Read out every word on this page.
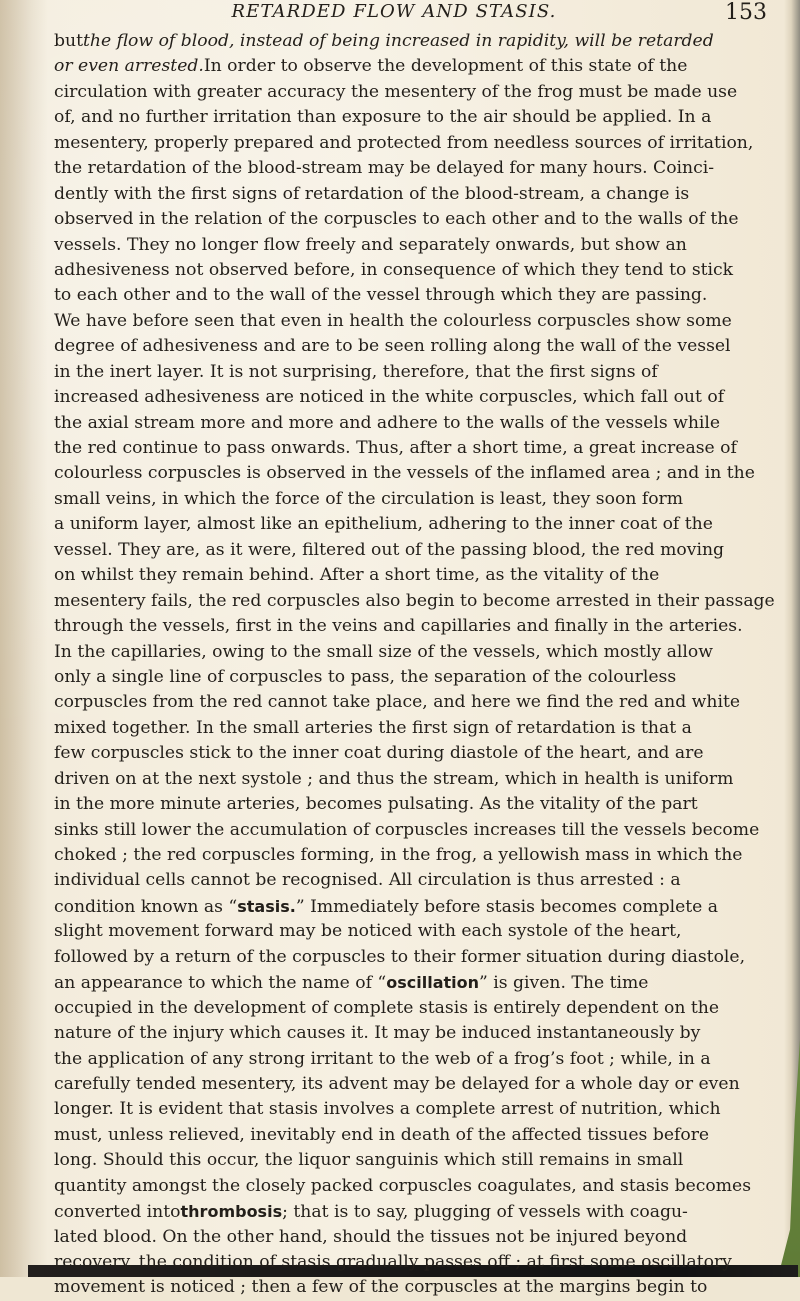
RETARDED FLOW AND STASIS.	153
butthe flow of blood, instead of being increased in rapidity, will be retarded
or even arrested.In order to observe the development of this state of the
circulation with greater accuracy the mesentery of the frog must be made use
of, and no further irritation than exposure to the air should be applied. In a
mesentery, properly prepared and protected from needless sources of irritation,
the retardation of the blood-stream may be delayed for many hours. Coinci-
dently with the first signs of retardation of the blood-stream, a change is
observed in the relation of the corpuscles to each other and to the walls of the
vessels. They no longer flow freely and separately onwards, but show an
adhesiveness not observed before, in consequence of which they tend to stick
to each other and to the wall of the vessel through which they are passing.
We have before seen that even in health the colourless corpuscles show some
degree of adhesiveness and are to be seen rolling along the wall of the vessel
in the inert layer. It is not surprising, therefore, that the first signs of
increased adhesiveness are noticed in the white corpuscles, which fall out of
the axial stream more and more and adhere to the walls of the vessels while
the red continue to pass onwards. Thus, after a short time, a great increase of
colourless corpuscles is observed in the vessels of the inflamed area ; and in the
small veins, in which the force of the circulation is least, they soon form
a uniform layer, almost like an epithelium, adhering to the inner coat of the
vessel. They are, as it were, filtered out of the passing blood, the red moving
on whilst they remain behind. After a short time, as the vitality of the
mesentery fails, the red corpuscles also begin to become arrested in their passage
through the vessels, first in the veins and capillaries and finally in the arteries.
In the capillaries, owing to the small size of the vessels, which mostly allow
only a single line of corpuscles to pass, the separation of the colourless
corpuscles from the red cannot take place, and here we find the red and white
mixed together. In the small arteries the first sign of retardation is that a
few corpuscles stick to the inner coat during diastole of the heart, and are
driven on at the next systole ; and thus the stream, which in health is uniform
in the more minute arteries, becomes pulsating. As the vitality of the part
sinks still lower the accumulation of corpuscles increases till the vessels become
choked ; the red corpuscles forming, in the frog, a yellowish mass in which the
individual cells cannot be recognised. All circulation is thus arrested : a
condition known as “stasis.” Immediately before stasis becomes complete a
slight movement forward may be noticed with each systole of the heart,
followed by a return of the corpuscles to their former situation during diastole,
an appearance to which the name of “oscillation” is given. The time
occupied in the development of complete stasis is entirely dependent on the
nature of the injury which causes it. It may be induced instantaneously by
the application of any strong irritant to the web of a frog’s foot ; while, in a
carefully tended mesentery, its advent may be delayed for a whole day or even
longer. It is evident that stasis involves a complete arrest of nutrition, which
must, unless relieved, inevitably end in death of the affected tissues before
long. Should this occur, the liquor sanguinis which still remains in small
quantity amongst the closely packed corpuscles coagulates, and stasis becomes
converted intothrombosis; that is to say, plugging of vessels with coagu-
lated blood. On the other hand, should the tissues not be injured beyond
recovery, the condition of stasis gradually passes off ; at first some oscillatory
movement is noticed ; then a few of the corpuscles at the margins begin to
